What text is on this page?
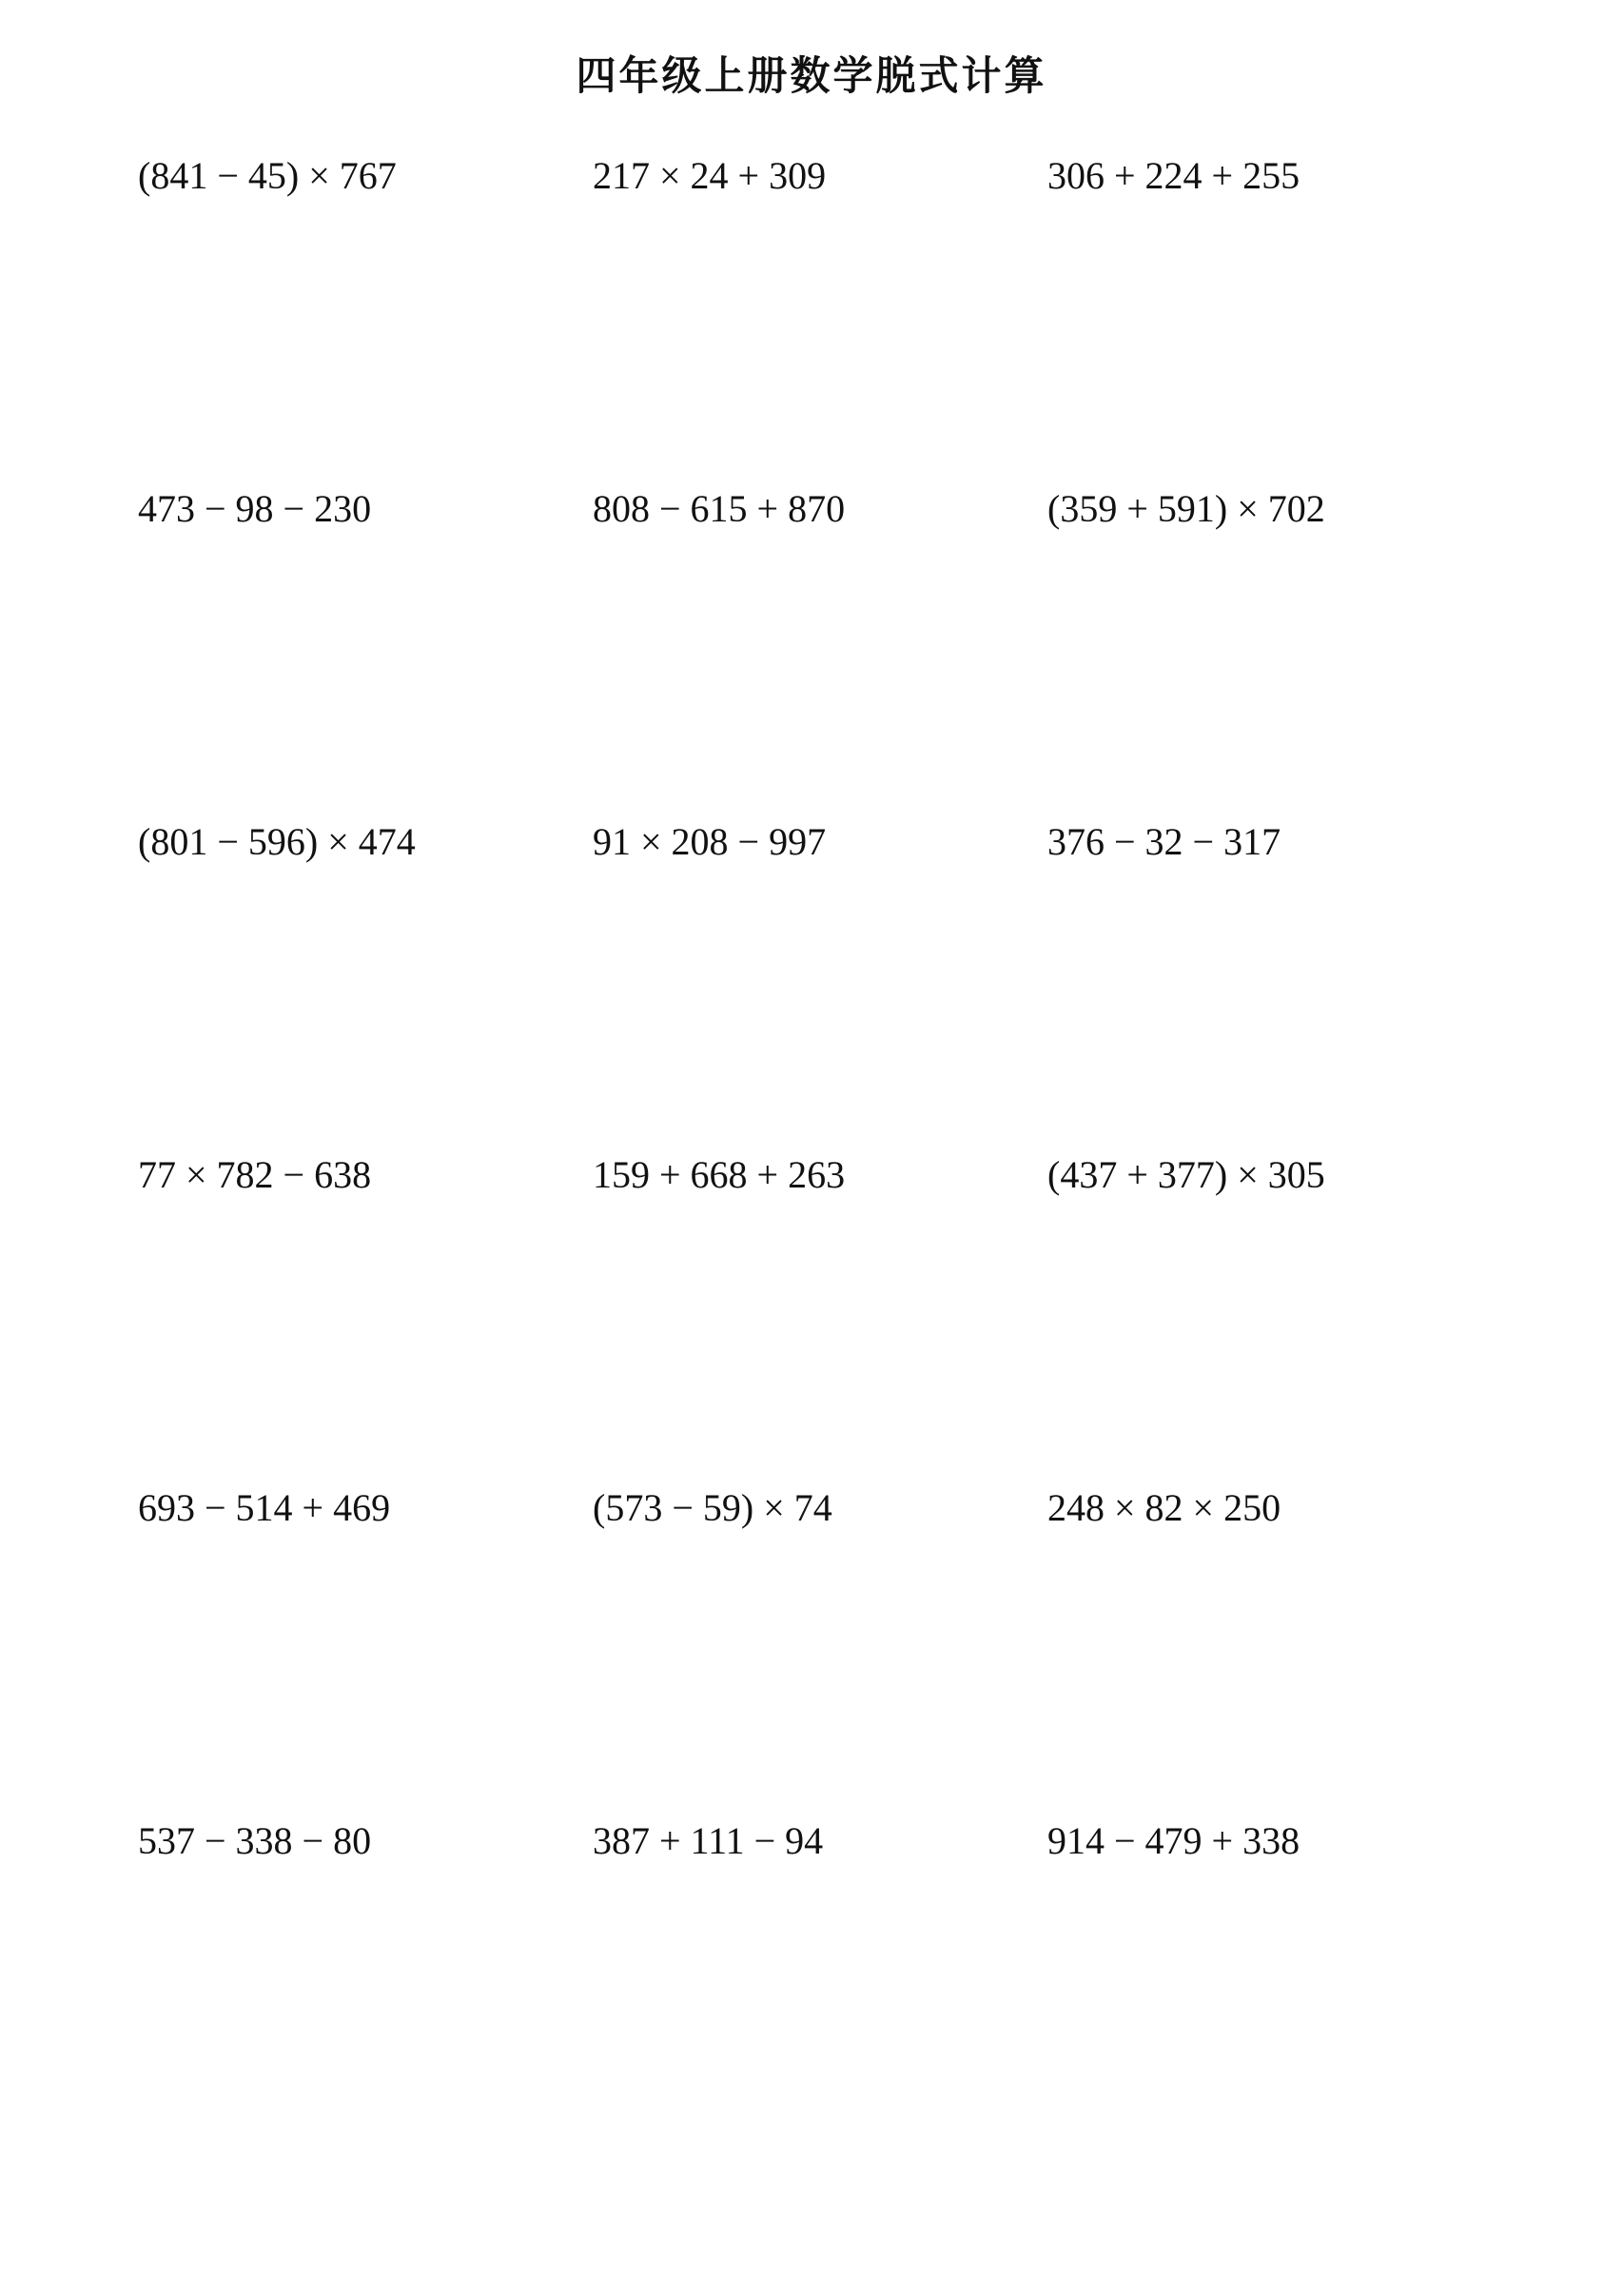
四年级上册数学脱式计算
(841 − 45) × 767	217 × 24 + 309	306 + 224 + 255
473 − 98 − 230	808 − 615 + 870	(359 + 591) × 702
(801 − 596) × 474	91 × 208 − 997	376 − 32 − 317
77 × 782 − 638	159 + 668 + 263	(437 + 377) × 305
693 − 514 + 469	(573 − 59) × 74	248 × 82 × 250
537 − 338 − 80	387 + 111 − 94	914 − 479 + 338
